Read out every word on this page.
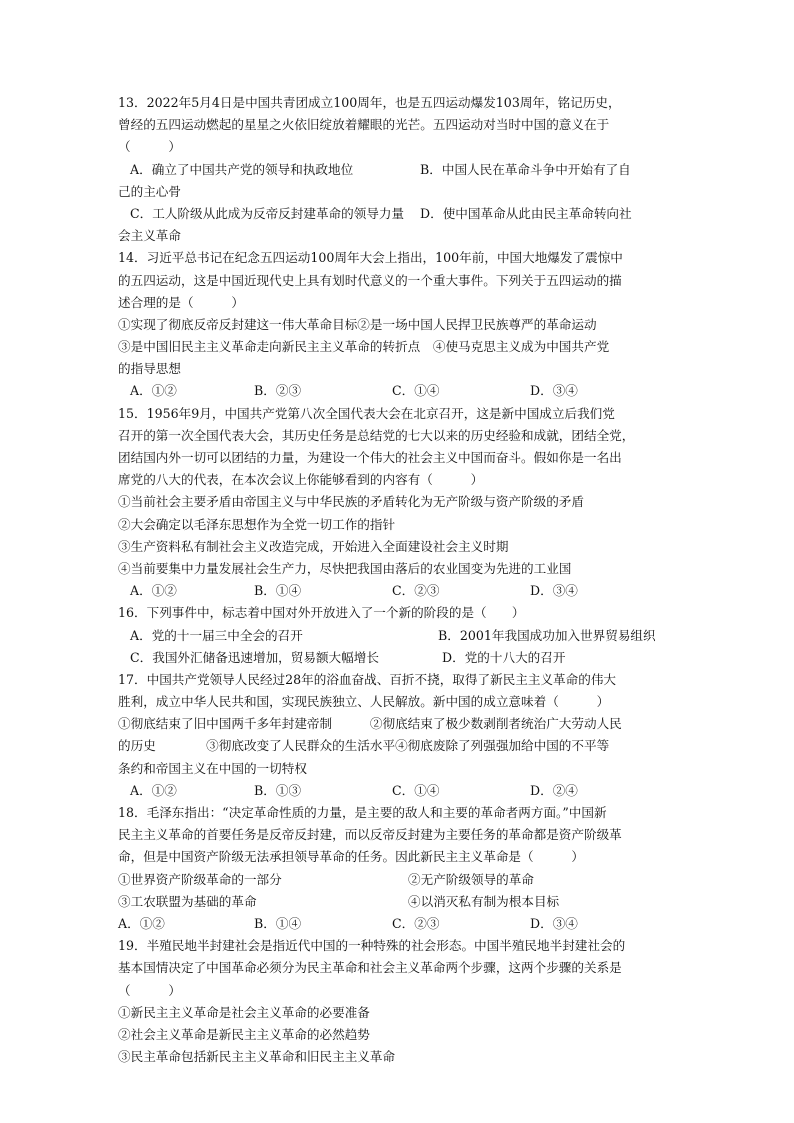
13．2022年5月4日是中国共青团成立100周年，也是五四运动爆发103周年，铭记历史，
曾经的五四运动燃起的星星之火依旧绽放着耀眼的光芒。五四运动对当时中国的意义在于
（　　　）
A．确立了中国共产党的领导和执政地位	B．中国人民在革命斗争中开始有了自
己的主心骨
C．工人阶级从此成为反帝反封建革命的领导力量	D．使中国革命从此由民主革命转向社
会主义革命
14．习近平总书记在纪念五四运动100周年大会上指出，100年前，中国大地爆发了震惊中
的五四运动，这是中国近现代史上具有划时代意义的一个重大事件。下列关于五四运动的描
述合理的是（　　　）
①实现了彻底反帝反封建这一伟大革命目标②是一场中国人民捍卫民族尊严的革命运动
③是中国旧民主主义革命走向新民主主义革命的转折点　④使马克思主义成为中国共产党
的指导思想
A．①②	B．②③	C．①④	D．③④
15．1956年9月，中国共产党第八次全国代表大会在北京召开，这是新中国成立后我们党
召开的第一次全国代表大会，其历史任务是总结党的七大以来的历史经验和成就，团结全党，
团结国内外一切可以团结的力量，为建设一个伟大的社会主义中国而奋斗。假如你是一名出
席党的八大的代表，在本次会议上你能够看到的内容有（　　　）
①当前社会主要矛盾由帝国主义与中华民族的矛盾转化为无产阶级与资产阶级的矛盾
②大会确定以毛泽东思想作为全党一切工作的指针
③生产资料私有制社会主义改造完成，开始进入全面建设社会主义时期
④当前要集中力量发展社会生产力，尽快把我国由落后的农业国变为先进的工业国
A．①②	B．①④	C．②③	D．③④
16．下列事件中，标志着中国对外开放进入了一个新的阶段的是（　　）
A．党的十一届三中全会的召开	B．2001年我国成功加入世界贸易组织
C．我国外汇储备迅速增加，贸易额大幅增长	D．党的十八大的召开
17．中国共产党领导人民经过28年的浴血奋战、百折不挠，取得了新民主主义革命的伟大
胜利，成立中华人民共和国，实现民族独立、人民解放。新中国的成立意味着（　　　）
①彻底结束了旧中国两千多年封建帝制　　　②彻底结束了极少数剥削者统治广大劳动人民
的历史　　　　③彻底改变了人民群众的生活水平④彻底废除了列强强加给中国的不平等
条约和帝国主义在中国的一切特权
A．①②	B．①③	C．①④	D．②④
18．毛泽东指出：“决定革命性质的力量，是主要的敌人和主要的革命者两方面。”中国新
民主主义革命的首要任务是反帝反封建，而以反帝反封建为主要任务的革命都是资产阶级革
命，但是中国资产阶级无法承担领导革命的任务。因此新民主主义革命是（　　　）
①世界资产阶级革命的一部分	②无产阶级领导的革命
③工农联盟为基础的革命	④以消灭私有制为根本目标
A．①②	B．①④	C．②③	D．③④
19．半殖民地半封建社会是指近代中国的一种特殊的社会形态。中国半殖民地半封建社会的
基本国情决定了中国革命必须分为民主革命和社会主义革命两个步骤，这两个步骤的关系是
（　　　）
①新民主主义革命是社会主义革命的必要准备
②社会主义革命是新民主主义革命的必然趋势
③民主革命包括新民主主义革命和旧民主主义革命
